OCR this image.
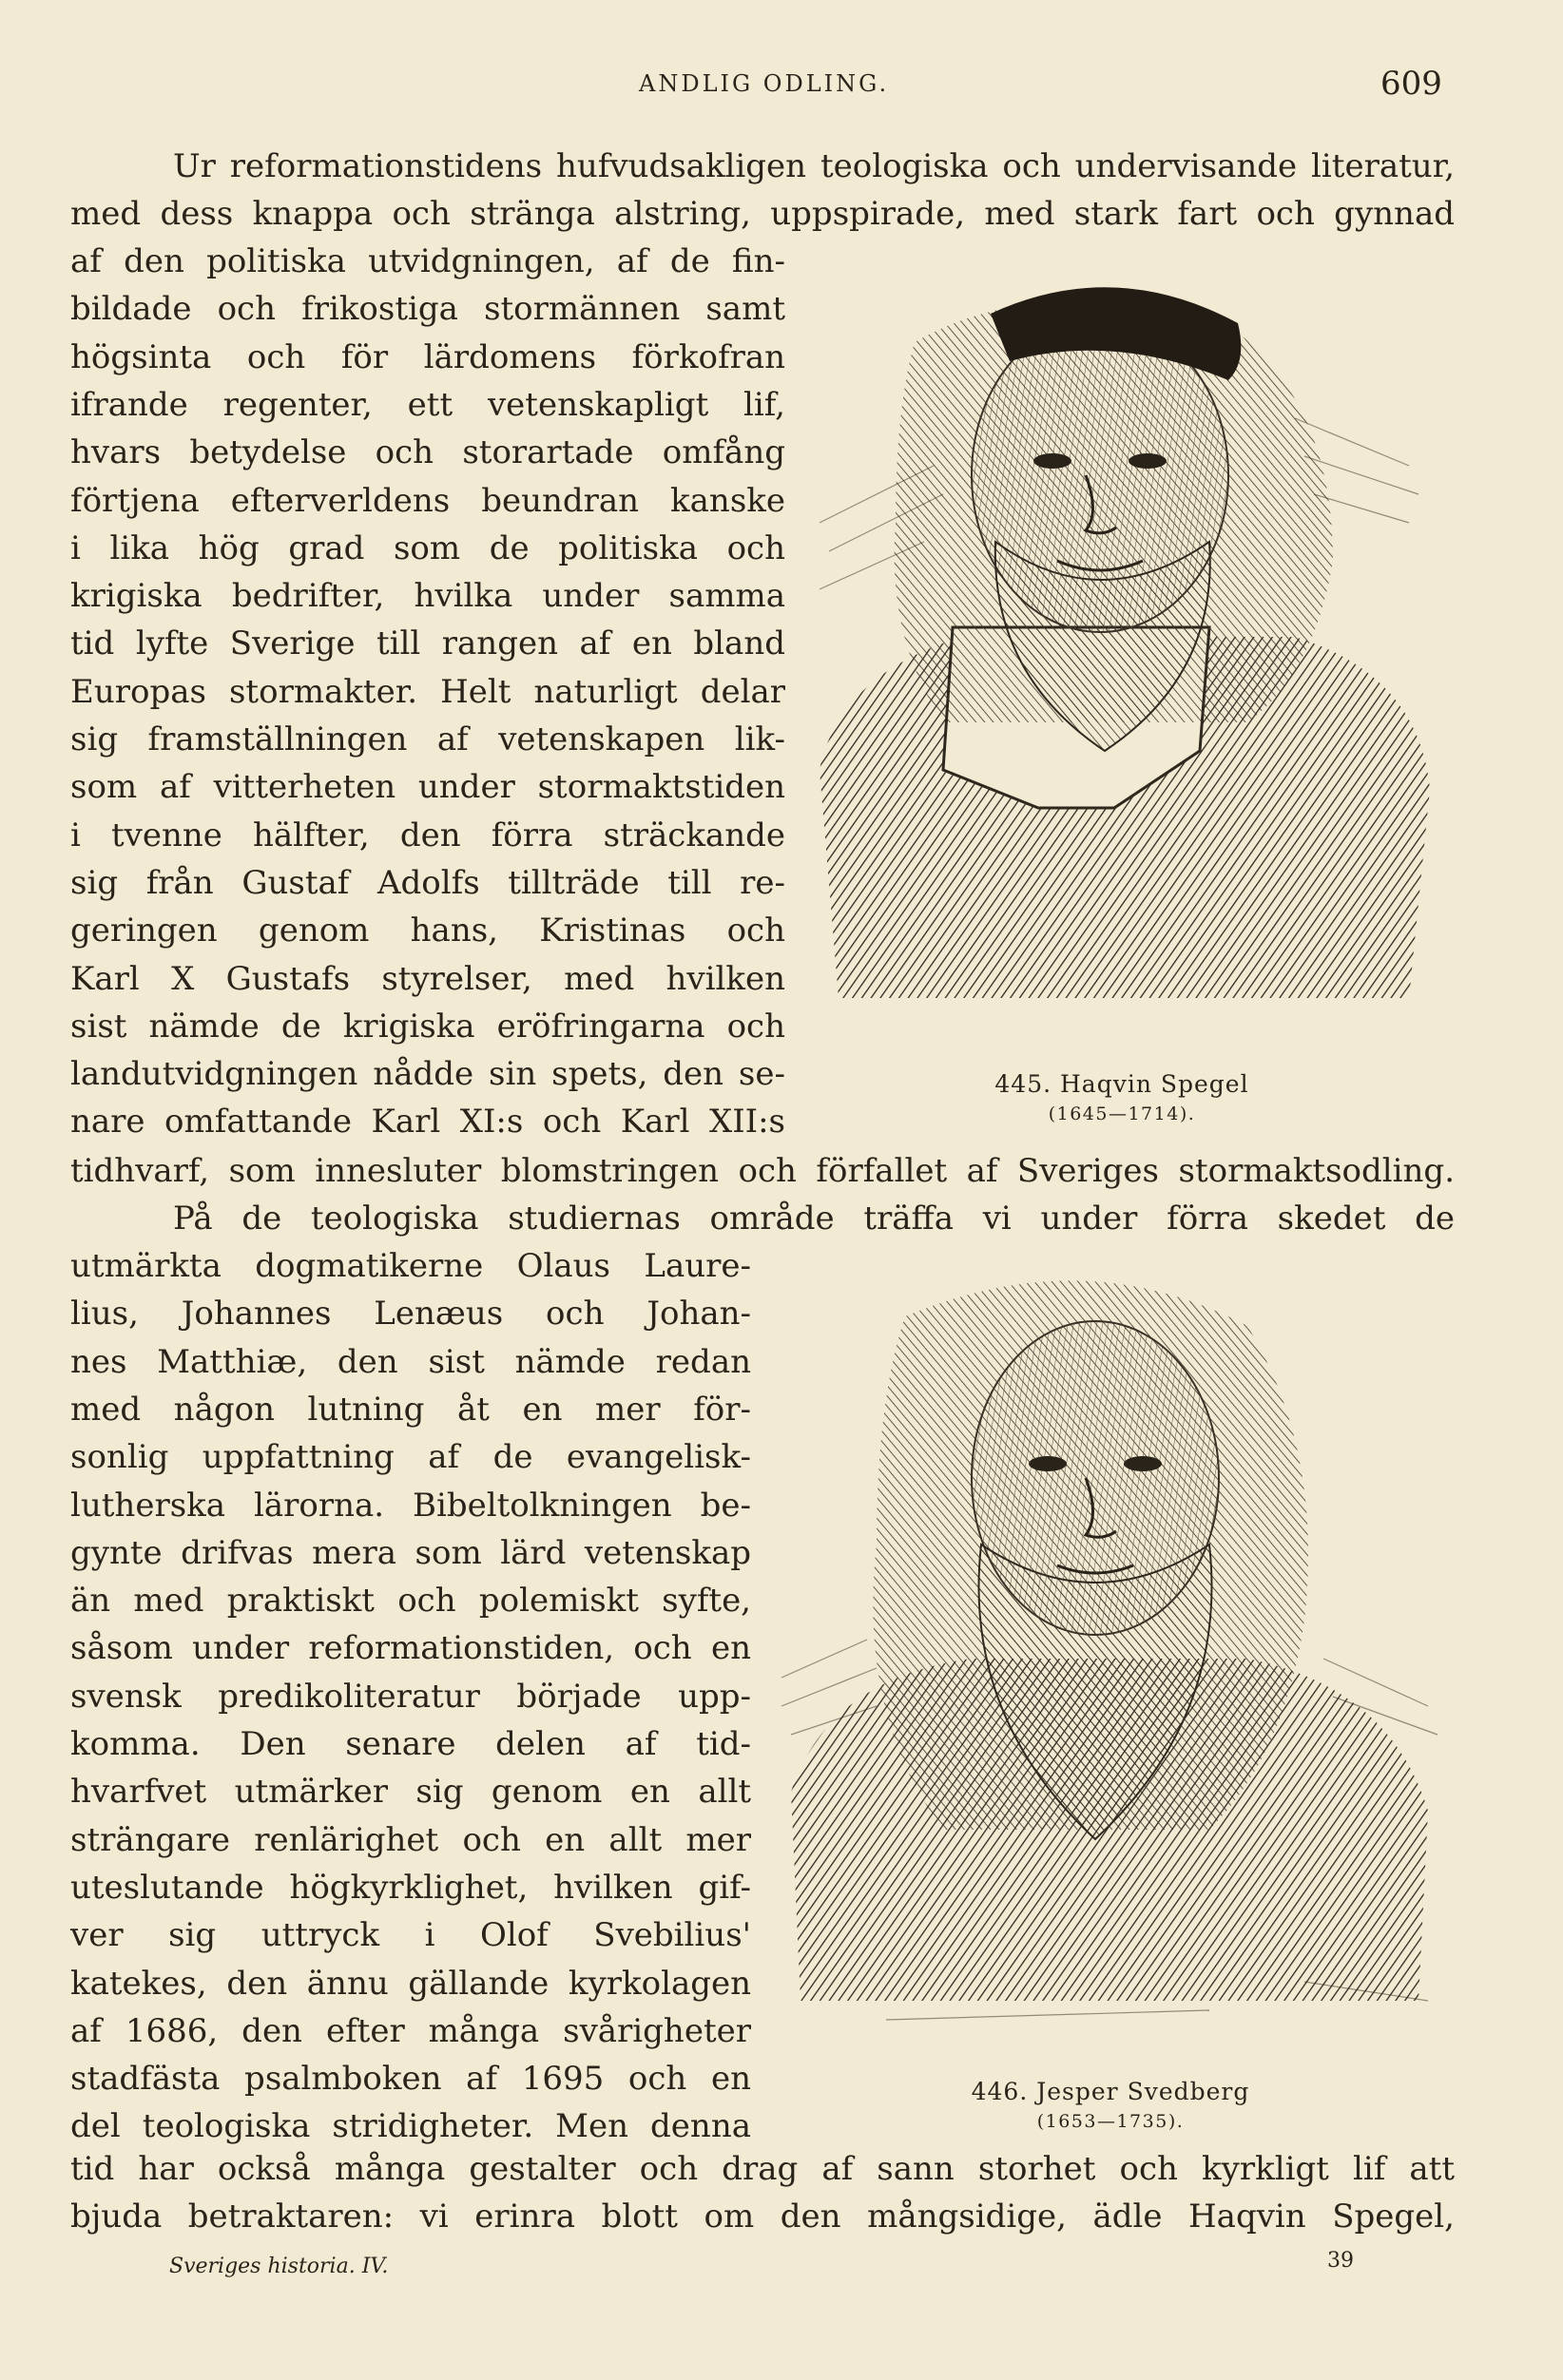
ANDLIG ODLING.	609
Ur reformationstidens hufvudsakligen teologiska och undervisande literatur,
med dess knappa och stränga alstring, uppspirade, med stark fart och gynnad
af den politiska utvidgningen, af de fin-
bildade och frikostiga stormännen samt
högsinta och för lärdomens förkofran
ifrande regenter, ett vetenskapligt lif,
hvars betydelse och storartade omfång
förtjena efterverldens beundran kanske
i lika hög grad som de politiska och
krigiska bedrifter, hvilka under samma
tid lyfte Sverige till rangen af en bland
Europas stormakter. Helt naturligt delar
sig framställningen af vetenskapen lik-
som af vitterheten under stormaktstiden
i tvenne hälfter, den förra sträckande
sig från Gustaf Adolfs tillträde till re-
geringen genom hans, Kristinas och
Karl X Gustafs styrelser, med hvilken
sist nämde de krigiska eröfringarna och
landutvidgningen nådde sin spets, den se-
nare omfattande Karl XI:s och Karl XII:s
tidhvarf, som innesluter blomstringen och förfallet af Sveriges stormaktsodling.
På de teologiska studiernas område träffa vi under förra skedet de
utmärkta dogmatikerne Olaus Laure-
lius, Johannes Lenæus och Johan-
nes Matthiæ, den sist nämde redan
med någon lutning åt en mer för-
sonlig uppfattning af de evangelisk-
lutherska lärorna. Bibeltolkningen be-
gynte drifvas mera som lärd vetenskap
än med praktiskt och polemiskt syfte,
såsom under reformationstiden, och en
svensk predikoliteratur började upp-
komma. Den senare delen af tid-
hvarfvet utmärker sig genom en allt
strängare renlärighet och en allt mer
uteslutande högkyrklighet, hvilken gif-
ver sig uttryck i Olof Svebilius'
katekes, den ännu gällande kyrkolagen
af 1686, den efter många svårigheter
stadfästa psalmboken af 1695 och en
del teologiska stridigheter. Men denna
tid har också många gestalter och drag af sann storhet och kyrkligt lif att
bjuda betraktaren: vi erinra blott om den mångsidige, ädle Haqvin Spegel,
445. Haqvin Spegel
(1645—1714).
446. Jesper Svedberg
(1653—1735).
Sveriges historia. IV.	39
